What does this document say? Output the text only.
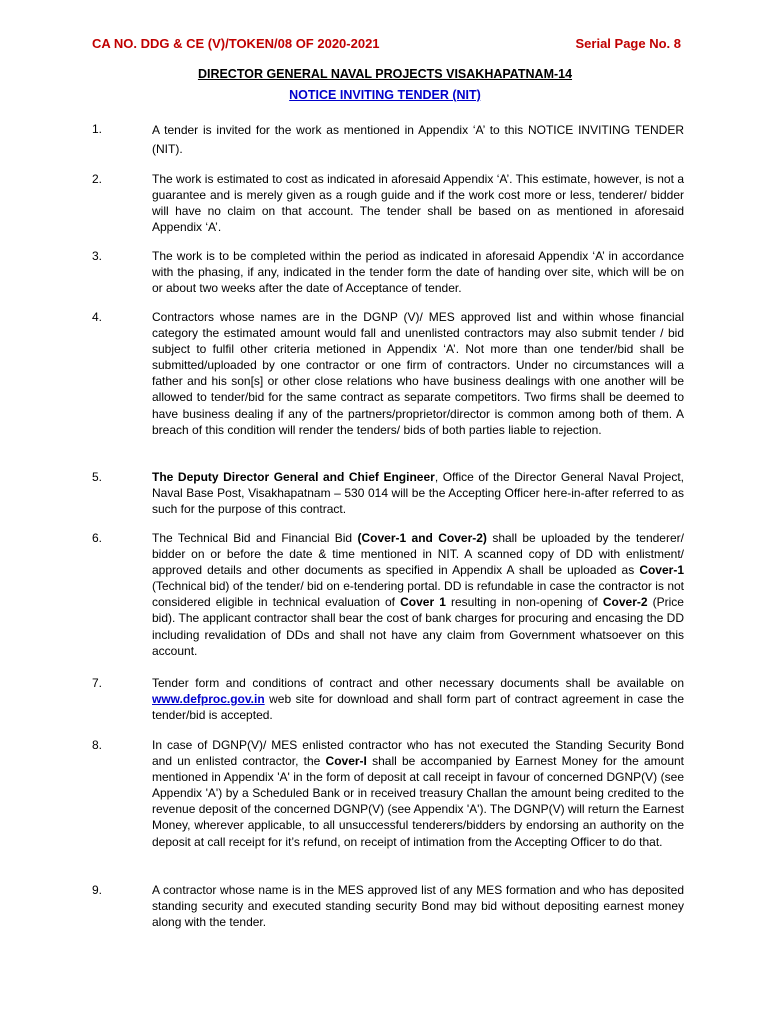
CA NO. DDG & CE (V)/TOKEN/08 OF 2020-2021	Serial Page No. 8
DIRECTOR GENERAL NAVAL PROJECTS VISAKHAPATNAM-14
NOTICE INVITING TENDER (NIT)
1.	A tender is invited for the work as mentioned in Appendix ‘A’ to this NOTICE INVITING TENDER (NIT).
2.	The work is estimated to cost as indicated in aforesaid Appendix ‘A’. This estimate, however, is not a guarantee and is merely given as a rough guide and if the work cost more or less, tenderer/ bidder will have no claim on that account. The tender shall be based on as mentioned in aforesaid Appendix ‘A’.
3.	The work is to be completed within the period as indicated in aforesaid Appendix ‘A’ in accordance with the phasing, if any, indicated in the tender form the date of handing over site, which will be on or about two weeks after the date of Acceptance of tender.
4.	Contractors whose names are in the DGNP (V)/ MES approved list and within whose financial category the estimated amount would fall and unenlisted contractors may also submit tender / bid subject to fulfil other criteria metioned in Appendix ‘A’. Not more than one tender/bid shall be submitted/uploaded by one contractor or one firm of contractors. Under no circumstances will a father and his son[s] or other close relations who have business dealings with one another will be allowed to tender/bid for the same contract as separate competitors. Two firms shall be deemed to have business dealing if any of the partners/proprietor/director is common among both of them. A breach of this condition will render the tenders/ bids of both parties liable to rejection.
5.	The Deputy Director General and Chief Engineer, Office of the Director General Naval Project, Naval Base Post, Visakhapatnam – 530 014 will be the Accepting Officer here-in-after referred to as such for the purpose of this contract.
6.	The Technical Bid and Financial Bid (Cover-1 and Cover-2) shall be uploaded by the tenderer/ bidder on or before the date & time mentioned in NIT. A scanned copy of DD with enlistment/ approved details and other documents as specified in Appendix A shall be uploaded as Cover-1 (Technical bid) of the tender/ bid on e-tendering portal. DD is refundable in case the contractor is not considered eligible in technical evaluation of Cover 1 resulting in non-opening of Cover-2 (Price bid). The applicant contractor shall bear the cost of bank charges for procuring and encasing the DD including revalidation of DDs and shall not have any claim from Government whatsoever on this account.
7.	Tender form and conditions of contract and other necessary documents shall be available on www.defproc.gov.in web site for download and shall form part of contract agreement in case the tender/bid is accepted.
8.	In case of DGNP(V)/ MES enlisted contractor who has not executed the Standing Security Bond and un enlisted contractor, the Cover-I shall be accompanied by Earnest Money for the amount mentioned in Appendix 'A' in the form of deposit at call receipt in favour of concerned DGNP(V) (see Appendix 'A') by a Scheduled Bank or in received treasury Challan the amount being credited to the revenue deposit of the concerned DGNP(V) (see Appendix 'A'). The DGNP(V) will return the Earnest Money, wherever applicable, to all unsuccessful tenderers/bidders by endorsing an authority on the deposit at call receipt for it’s refund, on receipt of intimation from the Accepting Officer to do that.
9.	A contractor whose name is in the MES approved list of any MES formation and who has deposited standing security and executed standing security Bond may bid without depositing earnest money along with the tender.
